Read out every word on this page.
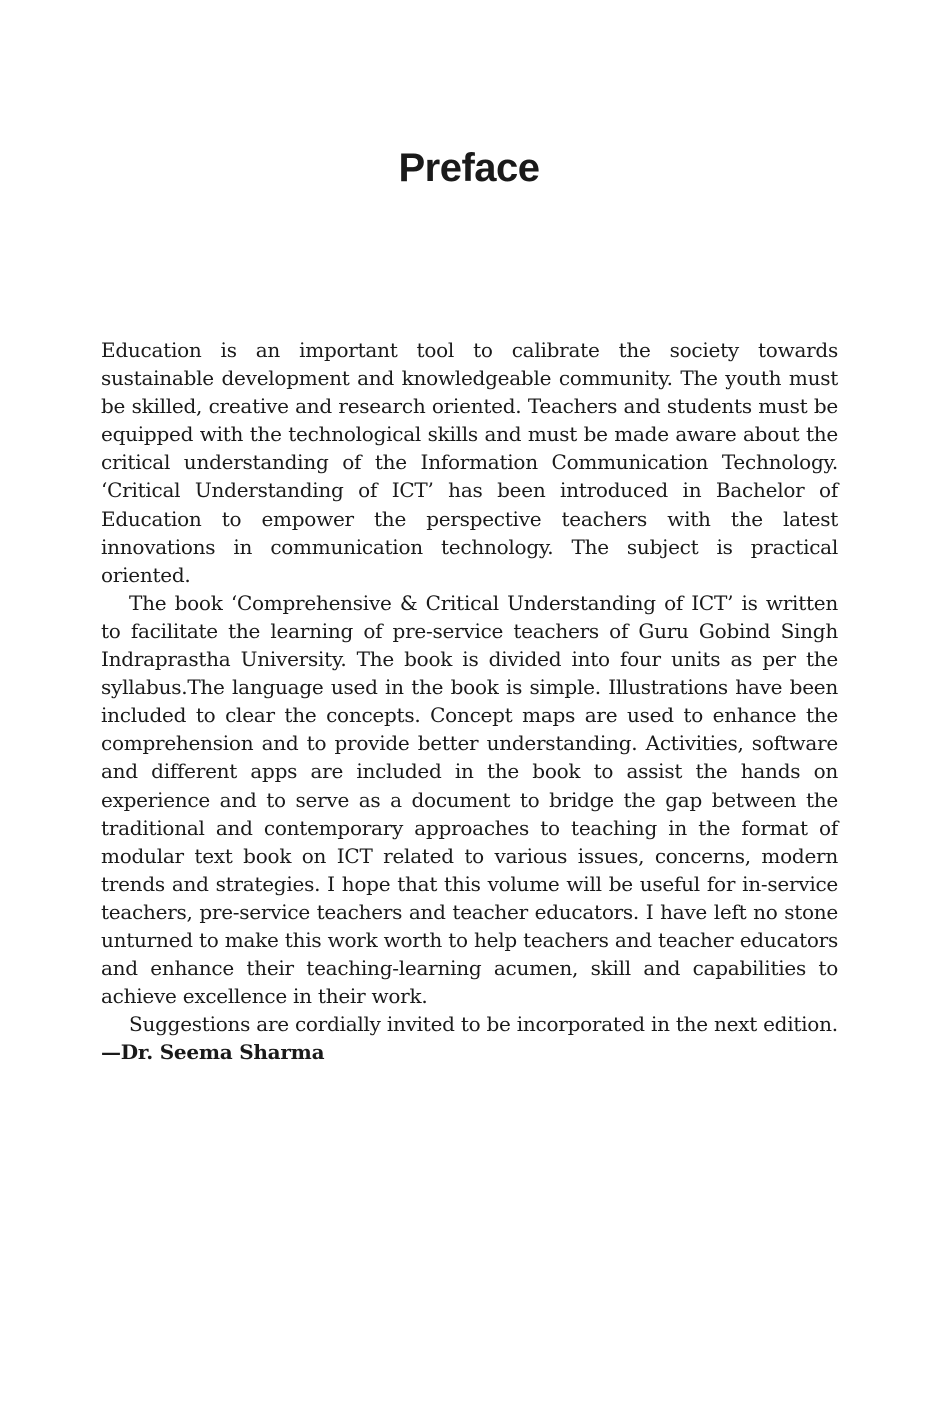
Preface

Education is an important tool to calibrate the society towards sustainable development and knowledgeable community. The youth must be skilled, creative and research oriented. Teachers and students must be equipped with the technological skills and must be made aware about the critical understanding of the Information Communication Technology. ‘Critical Understanding of ICT’ has been introduced in Bachelor of Education to empower the perspective teachers with the latest innovations in communication technology. The subject is practical oriented.

The book ‘Comprehensive & Critical Understanding of ICT’ is written to facilitate the learning of pre-service teachers of Guru Gobind Singh Indraprastha University. The book is divided into four units as per the syllabus.The language used in the book is simple. Illustrations have been included to clear the concepts. Concept maps are used to enhance the comprehension and to provide better understanding. Activities, software and different apps are included in the book to assist the hands on experience and to serve as a document to bridge the gap between the traditional and contemporary approaches to teaching in the format of modular text book on ICT related to various issues, concerns, modern trends and strategies. I hope that this volume will be useful for in-service teachers, pre-service teachers and teacher educators. I have left no stone unturned to make this work worth to help teachers and teacher educators and enhance their teaching-learning acumen, skill and capabilities to achieve excellence in their work.

Suggestions are cordially invited to be incorporated in the next edition.

—Dr. Seema Sharma
